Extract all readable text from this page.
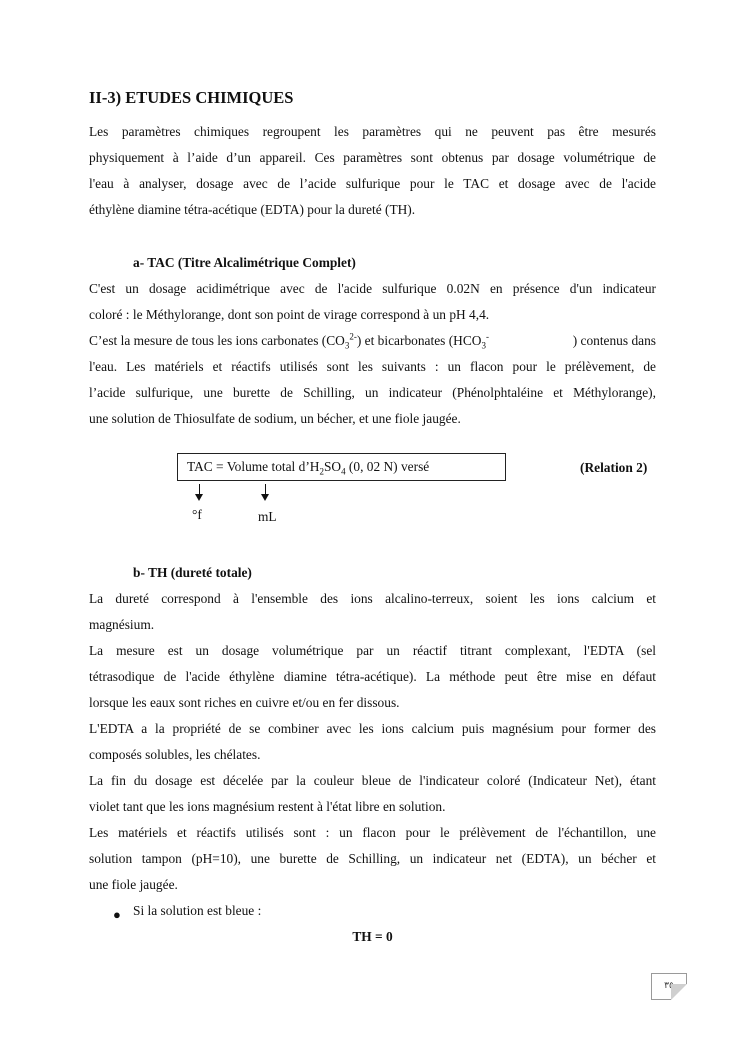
II-3) ETUDES CHIMIQUES
Les paramètres chimiques regroupent les paramètres qui ne peuvent pas être mesurés
physiquement à l’aide d’un appareil. Ces paramètres sont obtenus par dosage volumétrique de
l'eau à analyser, dosage avec de l’acide sulfurique pour le TAC et dosage avec de l'acide
éthylène diamine tétra-acétique (EDTA) pour la dureté (TH).
a- TAC (Titre Alcalimétrique Complet)
C'est un dosage acidimétrique avec de l'acide sulfurique 0.02N en présence d'un indicateur
coloré : le Méthylorange, dont son point de virage correspond à un pH 4,4.
C’est la mesure de tous les ions carbonates $(CO_3^{2-})$ et bicarbonates ($HCO_3^-$	) contenus dans
l'eau. Les matériels et réactifs utilisés sont les suivants : un flacon pour le prélèvement, de
l’acide sulfurique, une burette de Schilling, un indicateur (Phénolphtaléine et Méthylorange),
une solution de Thiosulfate de sodium, un bécher, et une fiole jaugée.
TAC = Volume total $d’H_2SO_4$ (0, 02 N) versé	(Relation 2)
°f	mL
b- TH (dureté totale)
La dureté correspond à l'ensemble des ions alcalino-terreux, soient les ions calcium et
magnésium.
La mesure est un dosage volumétrique par un réactif titrant complexant, l'EDTA (sel
tétrasodique de l'acide éthylène diamine tétra-acétique). La méthode peut être mise en défaut
lorsque les eaux sont riches en cuivre et/ou en fer dissous.
L'EDTA a la propriété de se combiner avec les ions calcium puis magnésium pour former des
composés solubles, les chélates.
La fin du dosage est décelée par la couleur bleue de l'indicateur coloré (Indicateur Net), étant
violet tant que les ions magnésium restent à l'état libre en solution.
Les matériels et réactifs utilisés sont : un flacon pour le prélèvement de l'échantillon, une
solution tampon (pH=10), une burette de Schilling, un indicateur net (EDTA), un bécher et
une fiole jaugée.
● Si la solution est bleue :
TH = 0
٣٥
